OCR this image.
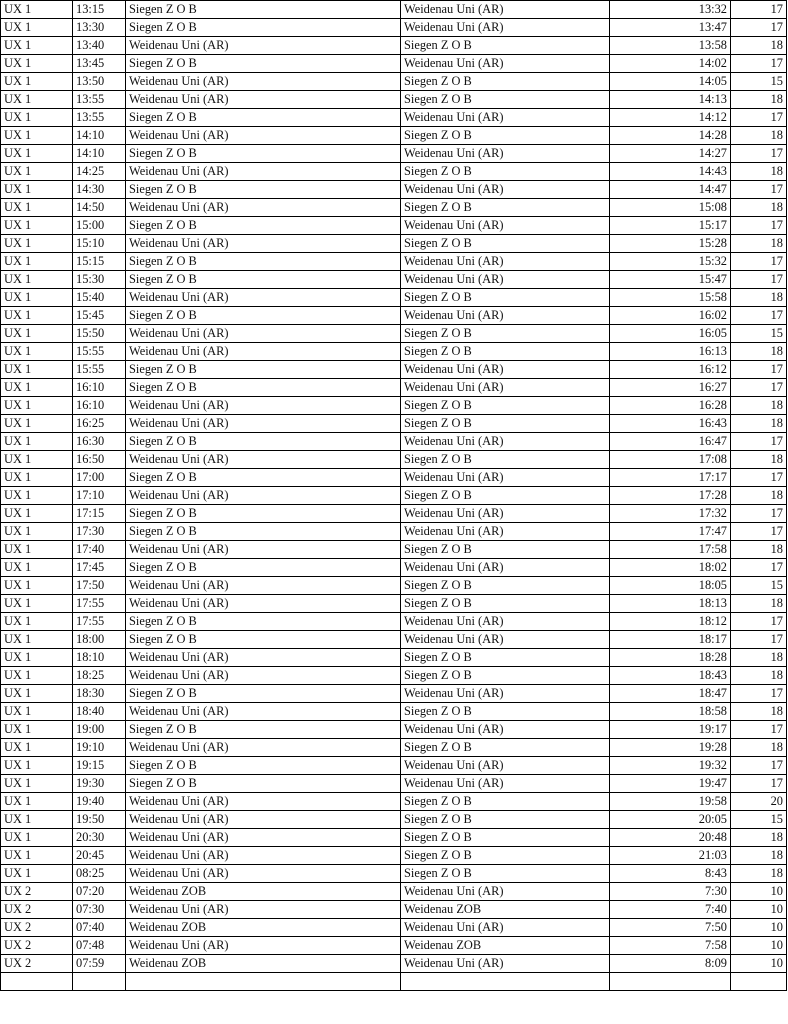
UX 1	13:15	Siegen Z O B	Weidenau Uni (AR)	13:32	17
UX 1	13:30	Siegen Z O B	Weidenau Uni (AR)	13:47	17
UX 1	13:40	Weidenau Uni (AR)	Siegen Z O B	13:58	18
UX 1	13:45	Siegen Z O B	Weidenau Uni (AR)	14:02	17
UX 1	13:50	Weidenau Uni (AR)	Siegen Z O B	14:05	15
UX 1	13:55	Weidenau Uni (AR)	Siegen Z O B	14:13	18
UX 1	13:55	Siegen Z O B	Weidenau Uni (AR)	14:12	17
UX 1	14:10	Weidenau Uni (AR)	Siegen Z O B	14:28	18
UX 1	14:10	Siegen Z O B	Weidenau Uni (AR)	14:27	17
UX 1	14:25	Weidenau Uni (AR)	Siegen Z O B	14:43	18
UX 1	14:30	Siegen Z O B	Weidenau Uni (AR)	14:47	17
UX 1	14:50	Weidenau Uni (AR)	Siegen Z O B	15:08	18
UX 1	15:00	Siegen Z O B	Weidenau Uni (AR)	15:17	17
UX 1	15:10	Weidenau Uni (AR)	Siegen Z O B	15:28	18
UX 1	15:15	Siegen Z O B	Weidenau Uni (AR)	15:32	17
UX 1	15:30	Siegen Z O B	Weidenau Uni (AR)	15:47	17
UX 1	15:40	Weidenau Uni (AR)	Siegen Z O B	15:58	18
UX 1	15:45	Siegen Z O B	Weidenau Uni (AR)	16:02	17
UX 1	15:50	Weidenau Uni (AR)	Siegen Z O B	16:05	15
UX 1	15:55	Weidenau Uni (AR)	Siegen Z O B	16:13	18
UX 1	15:55	Siegen Z O B	Weidenau Uni (AR)	16:12	17
UX 1	16:10	Siegen Z O B	Weidenau Uni (AR)	16:27	17
UX 1	16:10	Weidenau Uni (AR)	Siegen Z O B	16:28	18
UX 1	16:25	Weidenau Uni (AR)	Siegen Z O B	16:43	18
UX 1	16:30	Siegen Z O B	Weidenau Uni (AR)	16:47	17
UX 1	16:50	Weidenau Uni (AR)	Siegen Z O B	17:08	18
UX 1	17:00	Siegen Z O B	Weidenau Uni (AR)	17:17	17
UX 1	17:10	Weidenau Uni (AR)	Siegen Z O B	17:28	18
UX 1	17:15	Siegen Z O B	Weidenau Uni (AR)	17:32	17
UX 1	17:30	Siegen Z O B	Weidenau Uni (AR)	17:47	17
UX 1	17:40	Weidenau Uni (AR)	Siegen Z O B	17:58	18
UX 1	17:45	Siegen Z O B	Weidenau Uni (AR)	18:02	17
UX 1	17:50	Weidenau Uni (AR)	Siegen Z O B	18:05	15
UX 1	17:55	Weidenau Uni (AR)	Siegen Z O B	18:13	18
UX 1	17:55	Siegen Z O B	Weidenau Uni (AR)	18:12	17
UX 1	18:00	Siegen Z O B	Weidenau Uni (AR)	18:17	17
UX 1	18:10	Weidenau Uni (AR)	Siegen Z O B	18:28	18
UX 1	18:25	Weidenau Uni (AR)	Siegen Z O B	18:43	18
UX 1	18:30	Siegen Z O B	Weidenau Uni (AR)	18:47	17
UX 1	18:40	Weidenau Uni (AR)	Siegen Z O B	18:58	18
UX 1	19:00	Siegen Z O B	Weidenau Uni (AR)	19:17	17
UX 1	19:10	Weidenau Uni (AR)	Siegen Z O B	19:28	18
UX 1	19:15	Siegen Z O B	Weidenau Uni (AR)	19:32	17
UX 1	19:30	Siegen Z O B	Weidenau Uni (AR)	19:47	17
UX 1	19:40	Weidenau Uni (AR)	Siegen Z O B	19:58	20
UX 1	19:50	Weidenau Uni (AR)	Siegen Z O B	20:05	15
UX 1	20:30	Weidenau Uni (AR)	Siegen Z O B	20:48	18
UX 1	20:45	Weidenau Uni (AR)	Siegen Z O B	21:03	18
UX 1	08:25	Weidenau Uni (AR)	Siegen Z O B	8:43	18
UX 2	07:20	Weidenau ZOB	Weidenau Uni (AR)	7:30	10
UX 2	07:30	Weidenau Uni (AR)	Weidenau ZOB	7:40	10
UX 2	07:40	Weidenau ZOB	Weidenau Uni (AR)	7:50	10
UX 2	07:48	Weidenau Uni (AR)	Weidenau ZOB	7:58	10
UX 2	07:59	Weidenau ZOB	Weidenau Uni (AR)	8:09	10
